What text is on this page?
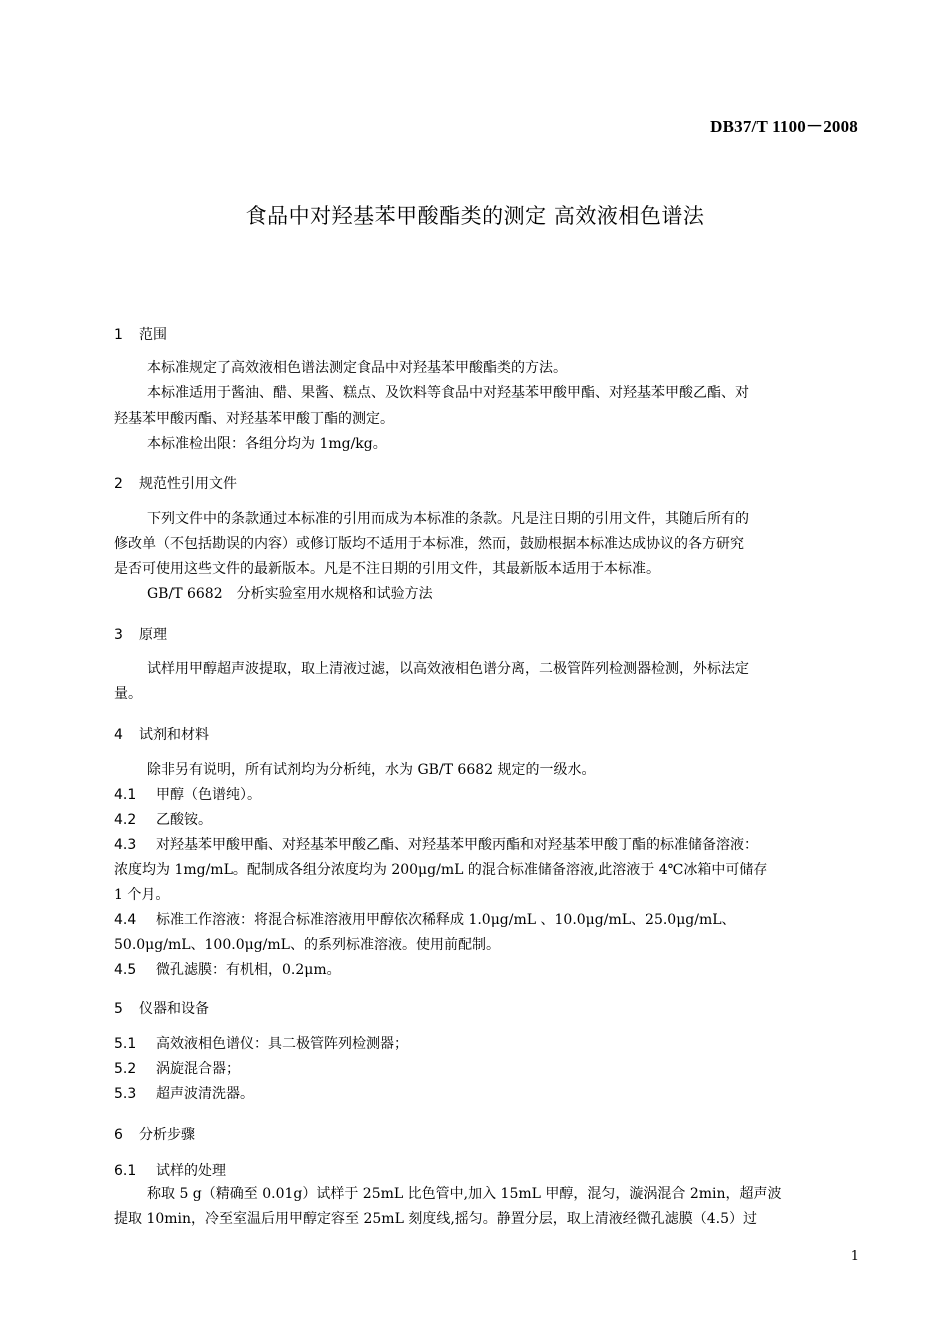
DB37/T 1100－2008
食品中对羟基苯甲酸酯类的测定 高效液相色谱法
1 范围
本标准规定了高效液相色谱法测定食品中对羟基苯甲酸酯类的方法。
本标准适用于酱油、醋、果酱、糕点、及饮料等食品中对羟基苯甲酸甲酯、对羟基苯甲酸乙酯、对
羟基苯甲酸丙酯、对羟基苯甲酸丁酯的测定。
本标准检出限：各组分均为 1mg/kg。
2 规范性引用文件
下列文件中的条款通过本标准的引用而成为本标准的条款。凡是注日期的引用文件，其随后所有的
修改单（不包括勘误的内容）或修订版均不适用于本标准，然而，鼓励根据本标准达成协议的各方研究
是否可使用这些文件的最新版本。凡是不注日期的引用文件，其最新版本适用于本标准。
GB/T 6682　分析实验室用水规格和试验方法
3 原理
试样用甲醇超声波提取，取上清液过滤，以高效液相色谱分离，二极管阵列检测器检测，外标法定
量。
4 试剂和材料
除非另有说明，所有试剂均为分析纯，水为 GB/T 6682 规定的一级水。
4.1 甲醇（色谱纯）。
4.2 乙酸铵。
4.3 对羟基苯甲酸甲酯、对羟基苯甲酸乙酯、对羟基苯甲酸丙酯和对羟基苯甲酸丁酯的标准储备溶液：
浓度均为 1mg/mL。配制成各组分浓度均为 200μg/mL 的混合标准储备溶液,此溶液于 4℃冰箱中可储存
1 个月。
4.4 标准工作溶液：将混合标准溶液用甲醇依次稀释成 1.0μg/mL 、10.0μg/mL、25.0μg/mL、
50.0μg/mL、100.0μg/mL、的系列标准溶液。使用前配制。
4.5 微孔滤膜：有机相，0.2μm。
5 仪器和设备
5.1 高效液相色谱仪：具二极管阵列检测器；
5.2 涡旋混合器；
5.3 超声波清洗器。
6 分析步骤
6.1 试样的处理
称取 5 g（精确至 0.01g）试样于 25mL 比色管中,加入 15mL 甲醇，混匀，漩涡混合 2min，超声波
提取 10min，冷至室温后用甲醇定容至 25mL 刻度线,摇匀。静置分层，取上清液经微孔滤膜（4.5）过
1
